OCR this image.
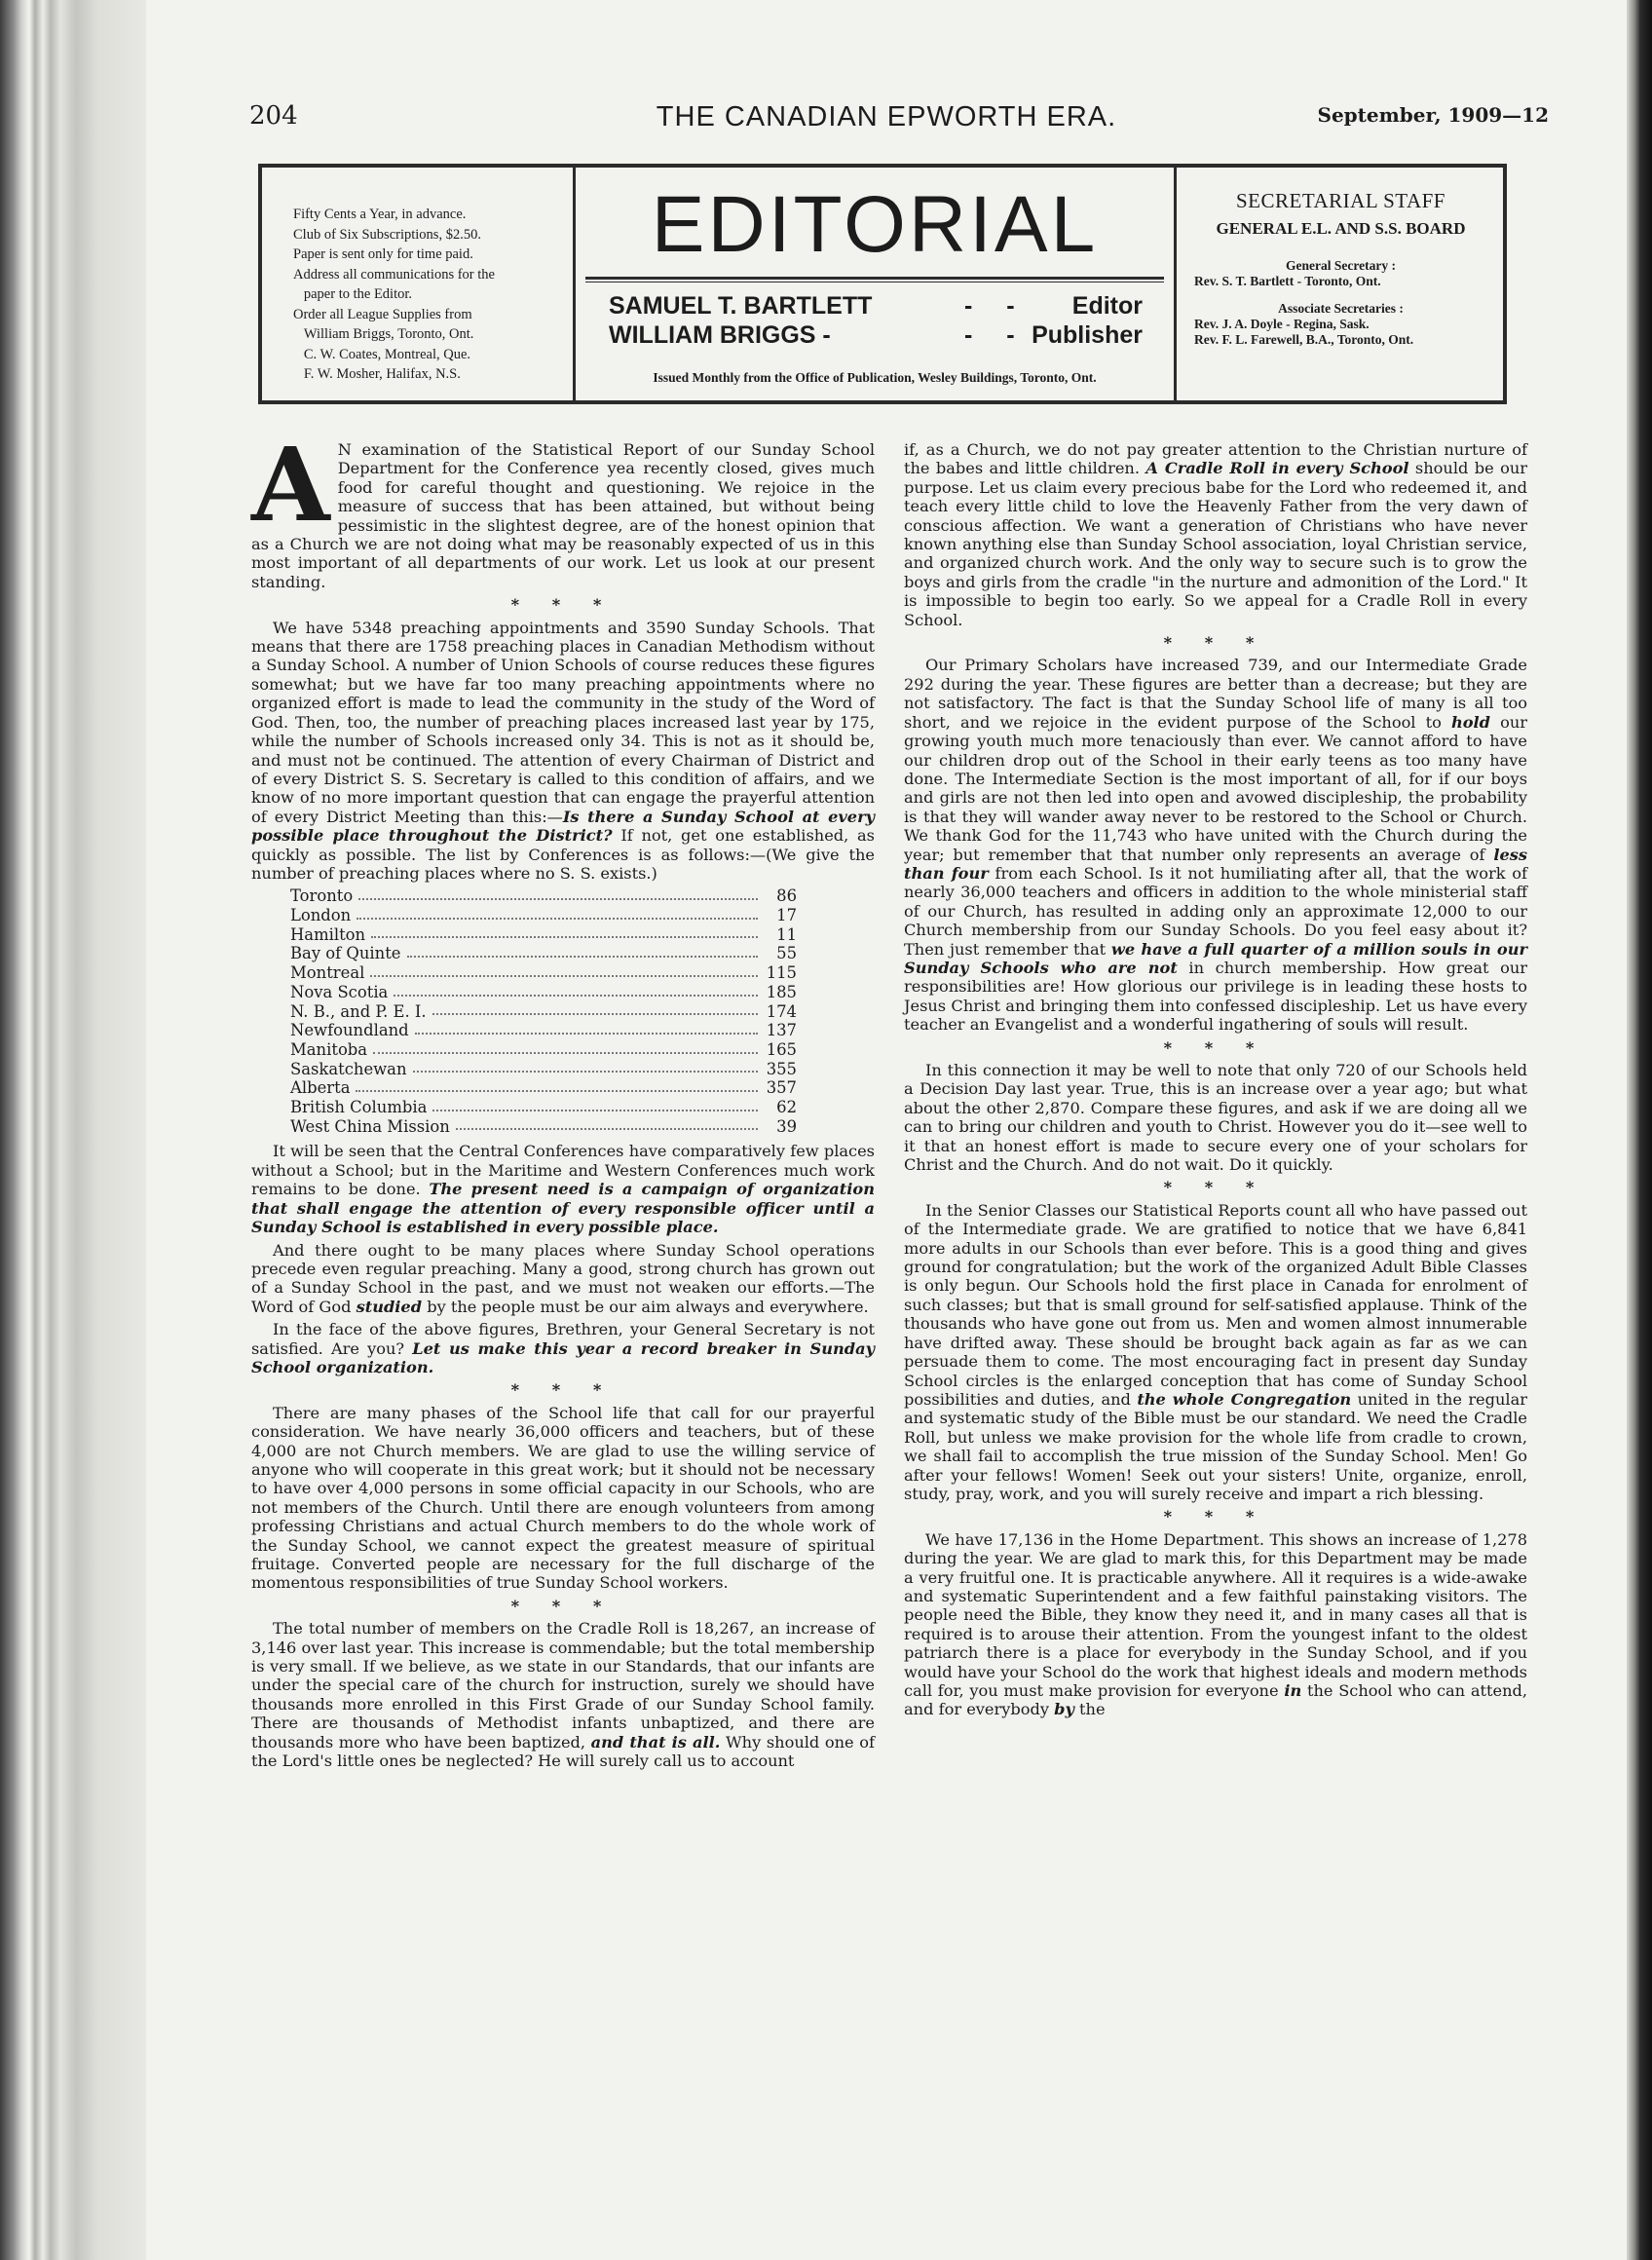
204	THE CANADIAN EPWORTH ERA.	September, 1909—12
Fifty Cents a Year, in advance.
Club of Six Subscriptions, $2.50.
Paper is sent only for time paid.
Address all communications for the
paper to the Editor.
Order all League Supplies from
William Briggs, Toronto, Ont.
C. W. Coates, Montreal, Que.
F. W. Mosher, Halifax, N.S.
EDITORIAL
SAMUEL T. BARTLETT	- - Editor
WILLIAM BRIGGS -	- - Publisher
Issued Monthly from the Office of Publication, Wesley Buildings, Toronto, Ont.
SECRETARIAL STAFF
GENERAL E.L. AND S.S. BOARD
General Secretary :
Rev. S. T. Bartlett - Toronto, Ont.
Associate Secretaries :
Rev. J. A. Doyle - Regina, Sask.
Rev. F. L. Farewell, B.A., Toronto, Ont.

A N examination of the Statistical Report of our Sunday School Department for the Conference yea recently closed, gives much food for careful thought and questioning. We rejoice in the measure of success that has been attained, but without being pessimistic in the slightest degree, are of the honest opinion that as a Church we are not doing what may be reasonably expected of us in this most important of all departments of our work. Let us look at our present standing.

* * *

We have 5348 preaching appointments and 3590 Sunday Schools. That means that there are 1758 preaching places in Canadian Methodism without a Sunday School. A number of Union Schools of course reduces these figures somewhat; but we have far too many preaching appointments where no organized effort is made to lead the community in the study of the Word of God. Then, too, the number of preaching places increased last year by 175, while the number of Schools increased only 34. This is not as it should be, and must not be continued. The attention of every Chairman of District and of every District S. S. Secretary is called to this condition of affairs, and we know of no more important question that can engage the prayerful attention of every District Meeting than this:—Is there a Sunday School at every possible place throughout the District? If not, get one established, as quickly as possible. The list by Conferences is as follows:—(We give the number of preaching places where no S. S. exists.)

Toronto	86
London	17
Hamilton	11
Bay of Quinte	55
Montreal	115
Nova Scotia	185
N. B., and P. E. I.	174
Newfoundland	137
Manitoba	165
Saskatchewan	355
Alberta	357
British Columbia	62
West China Mission	39

It will be seen that the Central Conferences have comparatively few places without a School; but in the Maritime and Western Conferences much work remains to be done. The present need is a campaign of organization that shall engage the attention of every responsible officer until a Sunday School is established in every possible place.

And there ought to be many places where Sunday School operations precede even regular preaching. Many a good, strong church has grown out of a Sunday School in the past, and we must not weaken our efforts.—The Word of God studied by the people must be our aim always and everywhere.

In the face of the above figures, Brethren, your General Secretary is not satisfied. Are you? Let us make this year a record breaker in Sunday School organization.

* * *

There are many phases of the School life that call for our prayerful consideration. We have nearly 36,000 officers and teachers, but of these 4,000 are not Church members. We are glad to use the willing service of anyone who will cooperate in this great work; but it should not be necessary to have over 4,000 persons in some official capacity in our Schools, who are not members of the Church. Until there are enough volunteers from among professing Christians and actual Church members to do the whole work of the Sunday School, we cannot expect the greatest measure of spiritual fruitage. Converted people are necessary for the full discharge of the momentous responsibilities of true Sunday School workers.

* * *

The total number of members on the Cradle Roll is 18,267, an increase of 3,146 over last year. This increase is commendable; but the total membership is very small. If we believe, as we state in our Standards, that our infants are under the special care of the church for instruction, surely we should have thousands more enrolled in this First Grade of our Sunday School family. There are thousands of Methodist infants unbaptized, and there are thousands more who have been baptized, and that is all. Why should one of the Lord's little ones be neglected? He will surely call us to account

if, as a Church, we do not pay greater attention to the Christian nurture of the babes and little children. A Cradle Roll in every School should be our purpose. Let us claim every precious babe for the Lord who redeemed it, and teach every little child to love the Heavenly Father from the very dawn of conscious affection. We want a generation of Christians who have never known anything else than Sunday School association, loyal Christian service, and organized church work. And the only way to secure such is to grow the boys and girls from the cradle "in the nurture and admonition of the Lord." It is impossible to begin too early. So we appeal for a Cradle Roll in every School.

* * *

Our Primary Scholars have increased 739, and our Intermediate Grade 292 during the year. These figures are better than a decrease; but they are not satisfactory. The fact is that the Sunday School life of many is all too short, and we rejoice in the evident purpose of the School to hold our growing youth much more tenaciously than ever. We cannot afford to have our children drop out of the School in their early teens as too many have done. The Intermediate Section is the most important of all, for if our boys and girls are not then led into open and avowed discipleship, the probability is that they will wander away never to be restored to the School or Church. We thank God for the 11,743 who have united with the Church during the year; but remember that that number only represents an average of less than four from each School. Is it not humiliating after all, that the work of nearly 36,000 teachers and officers in addition to the whole ministerial staff of our Church, has resulted in adding only an approximate 12,000 to our Church membership from our Sunday Schools. Do you feel easy about it? Then just remember that we have a full quarter of a million souls in our Sunday Schools who are not in church membership. How great our responsibilities are! How glorious our privilege is in leading these hosts to Jesus Christ and bringing them into confessed discipleship. Let us have every teacher an Evangelist and a wonderful ingathering of souls will result.

* * *

In this connection it may be well to note that only 720 of our Schools held a Decision Day last year. True, this is an increase over a year ago; but what about the other 2,870. Compare these figures, and ask if we are doing all we can to bring our children and youth to Christ. However you do it—see well to it that an honest effort is made to secure every one of your scholars for Christ and the Church. And do not wait. Do it quickly.

* * *

In the Senior Classes our Statistical Reports count all who have passed out of the Intermediate grade. We are gratified to notice that we have 6,841 more adults in our Schools than ever before. This is a good thing and gives ground for congratulation; but the work of the organized Adult Bible Classes is only begun. Our Schools hold the first place in Canada for enrolment of such classes; but that is small ground for self-satisfied applause. Think of the thousands who have gone out from us. Men and women almost innumerable have drifted away. These should be brought back again as far as we can persuade them to come. The most encouraging fact in present day Sunday School circles is the enlarged conception that has come of Sunday School possibilities and duties, and the whole Congregation united in the regular and systematic study of the Bible must be our standard. We need the Cradle Roll, but unless we make provision for the whole life from cradle to crown, we shall fail to accomplish the true mission of the Sunday School. Men! Go after your fellows! Women! Seek out your sisters! Unite, organize, enroll, study, pray, work, and you will surely receive and impart a rich blessing.

* * *

We have 17,136 in the Home Department. This shows an increase of 1,278 during the year. We are glad to mark this, for this Department may be made a very fruitful one. It is practicable anywhere. All it requires is a wide-awake and systematic Superintendent and a few faithful painstaking visitors. The people need the Bible, they know they need it, and in many cases all that is required is to arouse their attention. From the youngest infant to the oldest patriarch there is a place for everybody in the Sunday School, and if you would have your School do the work that highest ideals and modern methods call for, you must make provision for everyone in the School who can attend, and for everybody by the
